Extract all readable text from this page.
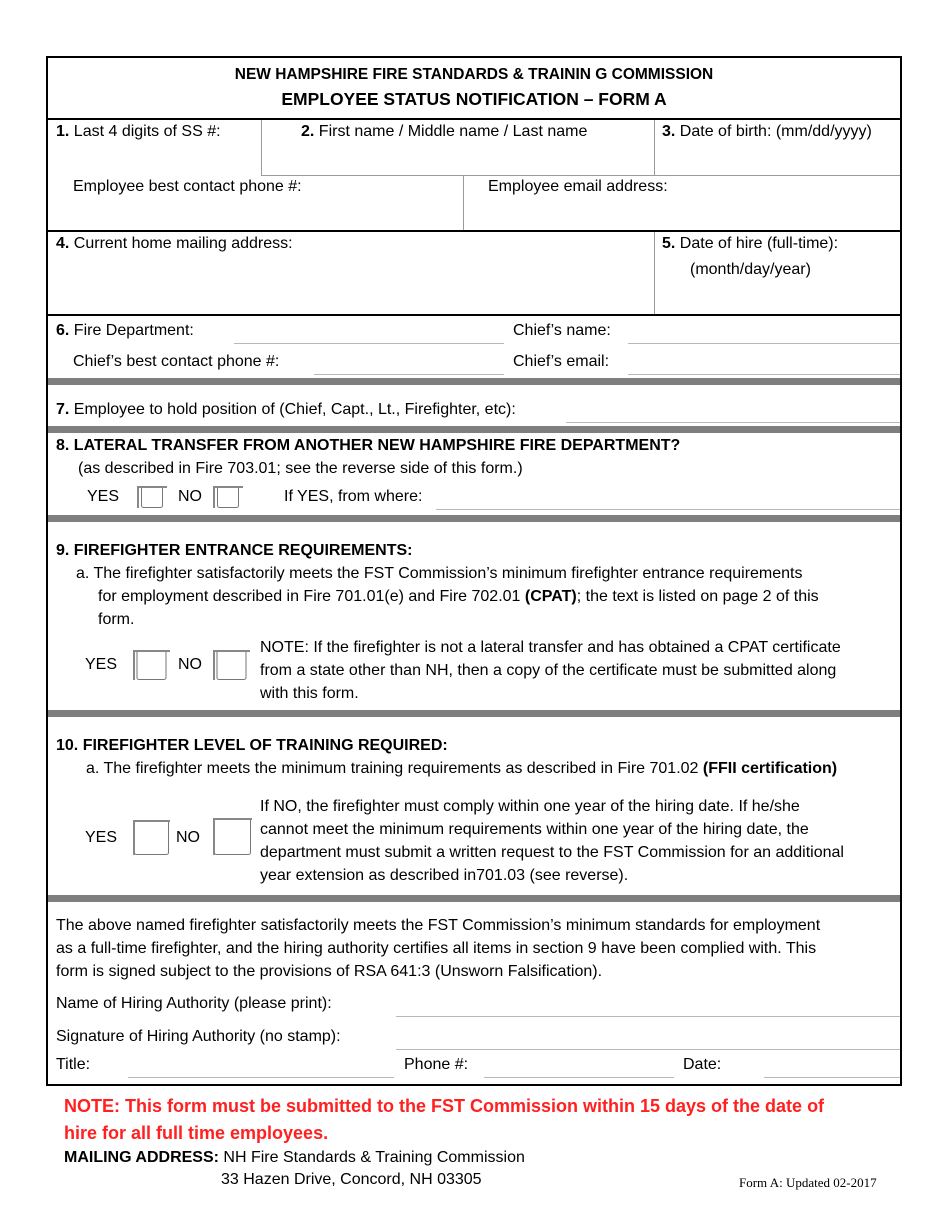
NEW HAMPSHIRE FIRE STANDARDS & TRAININ G COMMISSION
EMPLOYEE STATUS NOTIFICATION – FORM A
1. Last 4 digits of SS #:	2. First name / Middle name / Last name	3. Date of birth: (mm/dd/yyyy)
Employee best contact phone #:	Employee email address:
4. Current home mailing address:	5. Date of hire (full-time):
(month/day/year)
6. Fire Department:	Chief’s name:
Chief’s best contact phone #:	Chief’s email:
7. Employee to hold position of (Chief, Capt., Lt., Firefighter, etc):
8. LATERAL TRANSFER FROM ANOTHER NEW HAMPSHIRE FIRE DEPARTMENT?
(as described in Fire 703.01; see the reverse side of this form.)
YES	NO	If YES, from where:
9. FIREFIGHTER ENTRANCE REQUIREMENTS:
a. The firefighter satisfactorily meets the FST Commission’s minimum firefighter entrance requirements
for employment described in Fire 701.01(e) and Fire 702.01 (CPAT); the text is listed on page 2 of this
form.
YES	NO
NOTE: If the firefighter is not a lateral transfer and has obtained a CPAT certificate
from a state other than NH, then a copy of the certificate must be submitted along
with this form.
10. FIREFIGHTER LEVEL OF TRAINING REQUIRED:
a. The firefighter meets the minimum training requirements as described in Fire 701.02 (FFII certification)
YES	NO
If NO, the firefighter must comply within one year of the hiring date. If he/she
cannot meet the minimum requirements within one year of the hiring date, the
department must submit a written request to the FST Commission for an additional
year extension as described in701.03 (see reverse).
The above named firefighter satisfactorily meets the FST Commission’s minimum standards for employment
as a full-time firefighter, and the hiring authority certifies all items in section 9 have been complied with. This
form is signed subject to the provisions of RSA 641:3 (Unsworn Falsification).
Name of Hiring Authority (please print):
Signature of Hiring Authority (no stamp):
Title:	Phone #:	Date:
NOTE: This form must be submitted to the FST Commission within 15 days of the date of
hire for all full time employees.
MAILING ADDRESS: NH Fire Standards & Training Commission
33 Hazen Drive, Concord, NH 03305	Form A: Updated 02-2017
